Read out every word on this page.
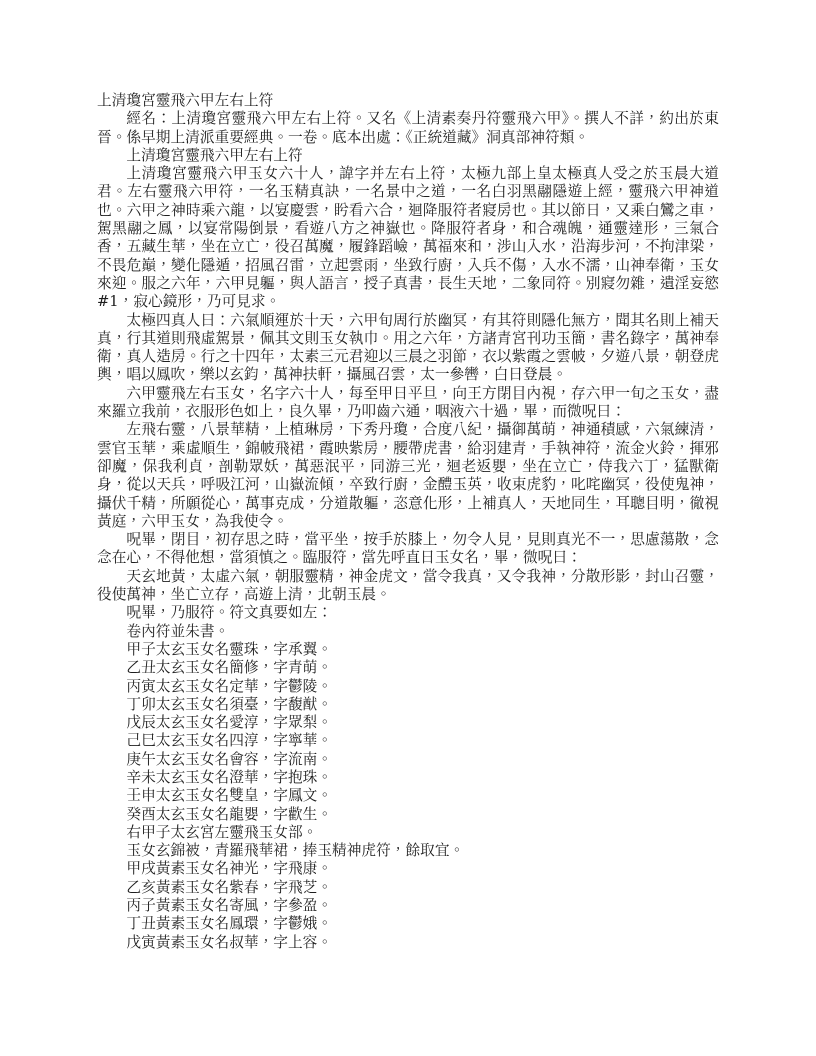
上清瓊宮靈飛六甲左右上符

經名：上清瓊宮靈飛六甲左右上符。又名《上清素奏丹符靈飛六甲》。撰人不詳，約出於東晉。係早期上清派重要經典。一卷。底本出處：《正統道藏》洞真部神符類。

上清瓊宮靈飛六甲左右上符

上清瓊宮靈飛六甲玉女六十人，諱字并左右上符，太極九部上皇太極真人受之於玉晨大道君。左右靈飛六甲符，一名玉精真訣，一名景中之道，一名白羽黑翮隱遊上經，靈飛六甲神道也。六甲之神時乘六龍，以宴慶雲，盻看六合，迴降服符者寢房也。其以節日，又乘白鸞之車，駕黑翮之鳳，以宴常陽倒景，看遊八方之神嶽也。降服符者身，和合魂魄，通靈達形，三氣合香，五藏生華，坐在立亡，役召萬魔，履鋒蹈嶮，萬福來和，涉山入水，沿海步河，不拘津梁，不畏危巔，變化隱遁，招風召雷，立起雲雨，坐致行廚，入兵不傷，入水不濡，山神奉衛，玉女來迎。服之六年，六甲見軀，與人語言，授子真書，長生天地，二象同符。別寢勿雜，遺淫妄慾#1，寂心鏡形，乃可見求。

太極四真人曰：六氣順運於十天，六甲旬周行於幽冥，有其符則隱化無方，聞其名則上補天真，行其道則飛虛駕景，佩其文則玉女執巾。用之六年，方諸青宮刊功玉簡，書名錄字，萬神奉衛，真人造房。行之十四年，太素三元君迎以三晨之羽節，衣以紫霞之雲帔，夕遊八景，朝登虎輿，唱以鳳吹，樂以玄鈞，萬神扶軒，攝風召雲，太一參轡，白日登晨。

六甲靈飛左右玉女，名字六十人，每至甲日平旦，向王方閉目內視，存六甲一旬之玉女，盡來羅立我前，衣服形色如上，良久畢，乃叩齒六通，咽液六十過，畢，而微呪曰：

左飛右靈，八景華精，上植琳房，下秀丹瓊，合度八紀，攝御萬萌，神通積感，六氣練清，雲官玉華，乘虛順生，錦帔飛裙，霞映紫房，腰帶虎書，給羽建青，手執神符，流金火鈴，揮邪卻魔，保我利貞，剖勒眾妖，萬惡泯平，同游三光，迴老返嬰，坐在立亡，侍我六丁，猛獸衛身，從以天兵，呼吸江河，山嶽流傾，卒致行廚，金醴玉英，收束虎豹，叱咤幽冥，役使鬼神，攝伏千精，所願從心，萬事克成，分道散軀，恣意化形，上補真人，天地同生，耳聰目明，徹視黃庭，六甲玉女，為我使令。

呪畢，閉目，初存思之時，當平坐，按手於膝上，勿令人見，見則真光不一，思慮蕩散，念念在心，不得他想，當須慎之。臨服符，當先呼直日玉女名，畢，微呪曰：

天玄地黃，太虛六氣，朝服靈精，神金虎文，當令我真，又令我神，分散形影，封山召靈，役使萬神，坐亡立存，高遊上清，北朝玉晨。

呪畢，乃服符。符文真要如左：

卷內符並朱書。

甲子太玄玉女名靈珠，字承翼。

乙丑太玄玉女名簡修，字青萌。

丙寅太玄玉女名定華，字鬱陵。

丁卯太玄玉女名須臺，字馥猷。

戊辰太玄玉女名愛淳，字眾梨。

己巳太玄玉女名四淳，字寧華。

庚午太玄玉女名會容，字流南。

辛未太玄玉女名澄華，字抱珠。

壬申太玄玉女名雙皇，字鳳文。

癸酉太玄玉女名龍嬰，字歡生。

右甲子太玄宮左靈飛玉女部。

玉女玄錦被，青羅飛華裙，捧玉精神虎符，餘取宜。

甲戌黃素玉女名神光，字飛康。

乙亥黃素玉女名紫春，字飛芝。

丙子黃素玉女名寄風，字參盈。

丁丑黃素玉女名鳳環，字鬱娥。

戊寅黃素玉女名叔華，字上容。
